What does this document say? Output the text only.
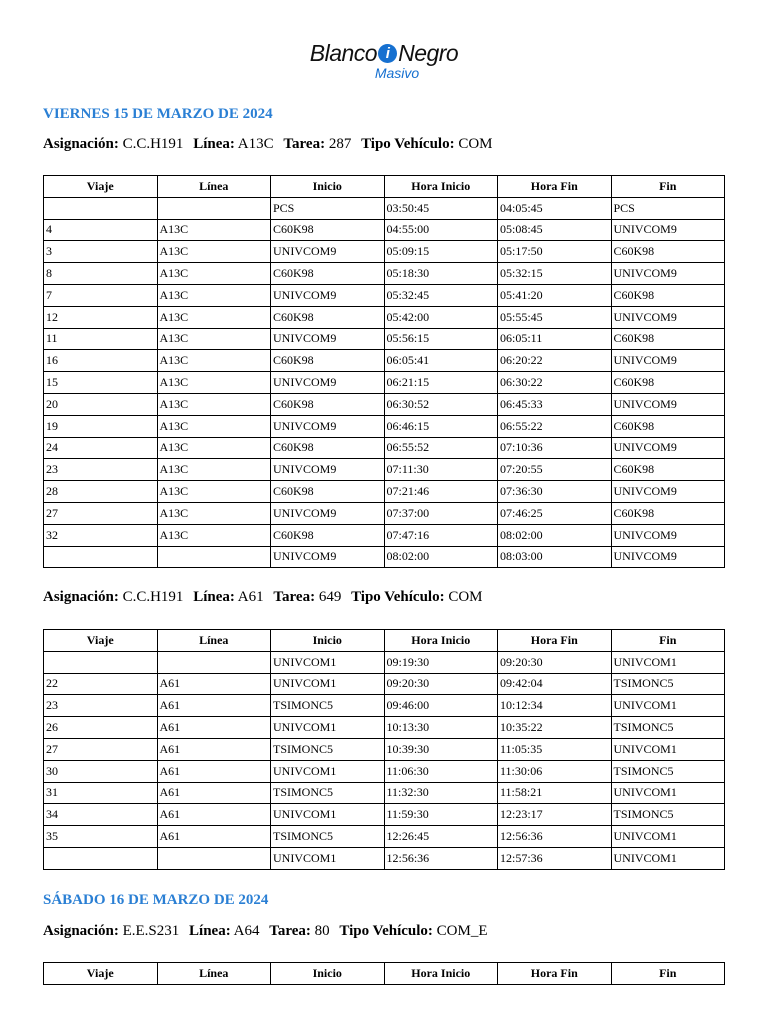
Blanco i Negro
Masivo
VIERNES 15 DE MARZO DE 2024
Asignación: C.C.H191 Línea: A13C Tarea: 287 Tipo Vehículo: COM
Viaje	Línea	Inicio	Hora Inicio	Hora Fin	Fin
		PCS	03:50:45	04:05:45	PCS
4	A13C	C60K98	04:55:00	05:08:45	UNIVCOM9
3	A13C	UNIVCOM9	05:09:15	05:17:50	C60K98
8	A13C	C60K98	05:18:30	05:32:15	UNIVCOM9
7	A13C	UNIVCOM9	05:32:45	05:41:20	C60K98
12	A13C	C60K98	05:42:00	05:55:45	UNIVCOM9
11	A13C	UNIVCOM9	05:56:15	06:05:11	C60K98
16	A13C	C60K98	06:05:41	06:20:22	UNIVCOM9
15	A13C	UNIVCOM9	06:21:15	06:30:22	C60K98
20	A13C	C60K98	06:30:52	06:45:33	UNIVCOM9
19	A13C	UNIVCOM9	06:46:15	06:55:22	C60K98
24	A13C	C60K98	06:55:52	07:10:36	UNIVCOM9
23	A13C	UNIVCOM9	07:11:30	07:20:55	C60K98
28	A13C	C60K98	07:21:46	07:36:30	UNIVCOM9
27	A13C	UNIVCOM9	07:37:00	07:46:25	C60K98
32	A13C	C60K98	07:47:16	08:02:00	UNIVCOM9
		UNIVCOM9	08:02:00	08:03:00	UNIVCOM9
Asignación: C.C.H191 Línea: A61 Tarea: 649 Tipo Vehículo: COM
Viaje	Línea	Inicio	Hora Inicio	Hora Fin	Fin
		UNIVCOM1	09:19:30	09:20:30	UNIVCOM1
22	A61	UNIVCOM1	09:20:30	09:42:04	TSIMONC5
23	A61	TSIMONC5	09:46:00	10:12:34	UNIVCOM1
26	A61	UNIVCOM1	10:13:30	10:35:22	TSIMONC5
27	A61	TSIMONC5	10:39:30	11:05:35	UNIVCOM1
30	A61	UNIVCOM1	11:06:30	11:30:06	TSIMONC5
31	A61	TSIMONC5	11:32:30	11:58:21	UNIVCOM1
34	A61	UNIVCOM1	11:59:30	12:23:17	TSIMONC5
35	A61	TSIMONC5	12:26:45	12:56:36	UNIVCOM1
		UNIVCOM1	12:56:36	12:57:36	UNIVCOM1
SÁBADO 16 DE MARZO DE 2024
Asignación: E.E.S231 Línea: A64 Tarea: 80 Tipo Vehículo: COM_E
Viaje	Línea	Inicio	Hora Inicio	Hora Fin	Fin
